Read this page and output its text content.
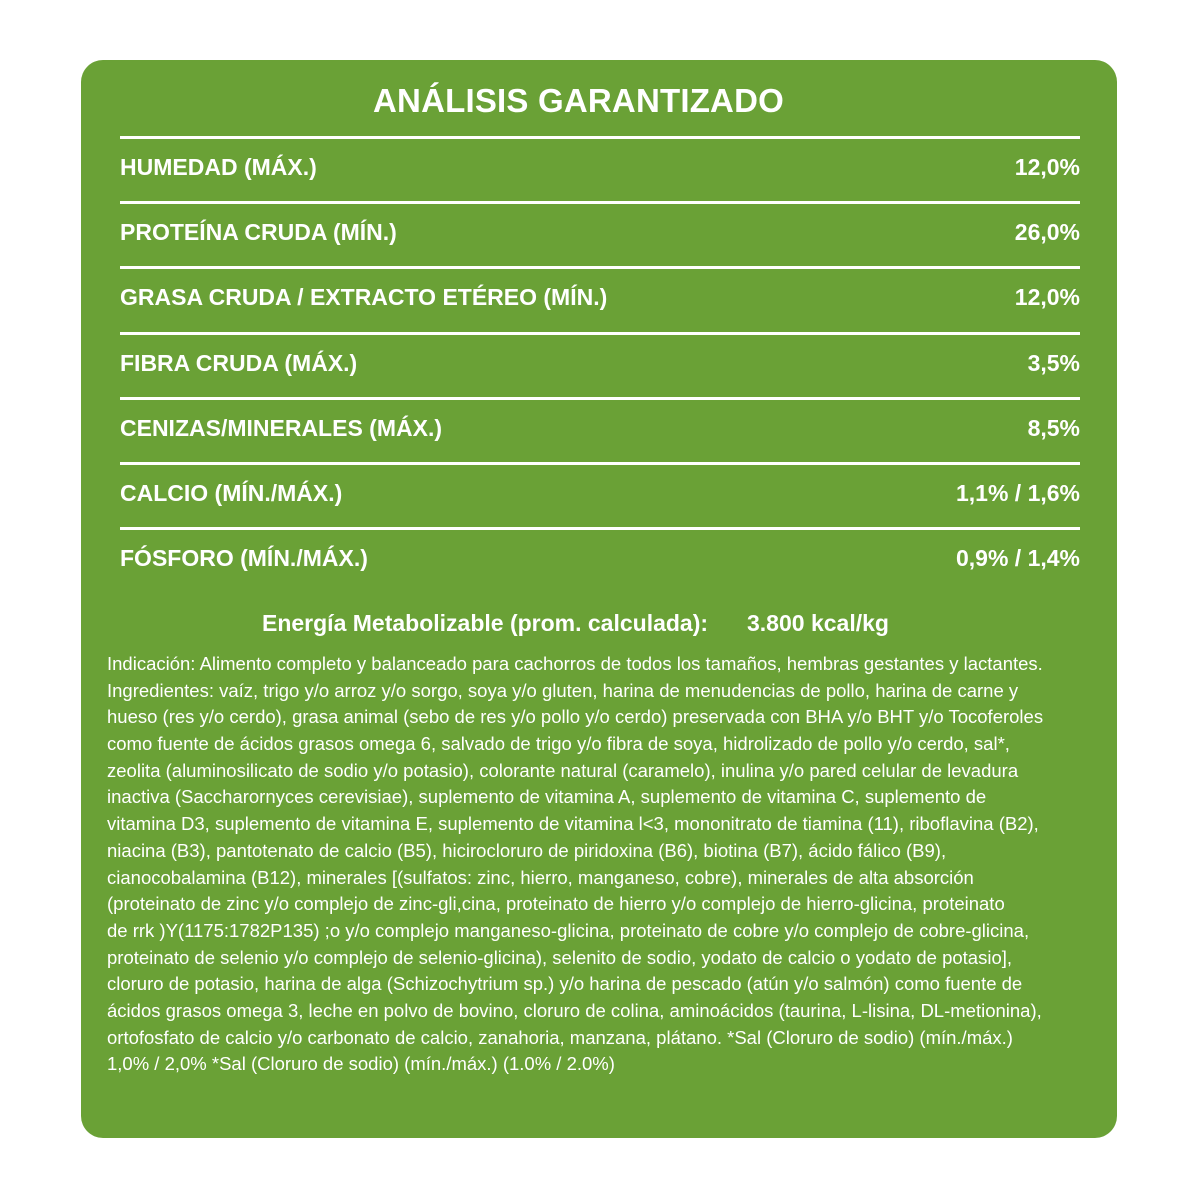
ANÁLISIS GARANTIZADO
HUMEDAD (MÁX.)	12,0%
PROTEÍNA CRUDA (MÍN.)	26,0%
GRASA CRUDA / EXTRACTO ETÉREO (MÍN.)	12,0%
FIBRA CRUDA (MÁX.)	3,5%
CENIZAS/MINERALES (MÁX.)	8,5%
CALCIO (MÍN./MÁX.)	1,1% / 1,6%
FÓSFORO (MÍN./MÁX.)	0,9% / 1,4%
Energía Metabolizable (prom. calculada): 3.800 kcal/kg
Indicación: Alimento completo y balanceado para cachorros de todos los tamaños, hembras gestantes y lactantes.
Ingredientes: vaíz, trigo y/o arroz y/o sorgo, soya y/o gluten, harina de menudencias de pollo, harina de carne y
hueso (res y/o cerdo), grasa animal (sebo de res y/o pollo y/o cerdo) preservada con BHA y/o BHT y/o Tocoferoles
como fuente de ácidos grasos omega 6, salvado de trigo y/o fibra de soya, hidrolizado de pollo y/o cerdo, sal*,
zeolita (aluminosilicato de sodio y/o potasio), colorante natural (caramelo), inulina y/o pared celular de levadura
inactiva (Saccharornyces cerevisiae), suplemento de vitamina A, suplemento de vitamina C, suplemento de
vitamina D3, suplemento de vitamina E, suplemento de vitamina l<3, mononitrato de tiamina (11), riboflavina (B2),
niacina (B3), pantotenato de calcio (B5), hiciroclоruro de piridoxina (B6), biotina (B7), ácido fálico (B9),
cianocobalamina (B12), minerales [(sulfatos: zinc, hierro, manganeso, cobre), minerales de alta absorción
(proteinato de zinc y/o complejo de zinc-gli,cina, proteinato de hierro y/o complejo de hierro-glicina, proteinato
de rrk )Y(1175:1782P135) ;o y/o complejo manganeso-glicina, proteinato de cobre y/o complejo de cobre-glicina,
proteinato de selenio y/o complejo de selenio-glicina), selenito de sodio, yodato de calcio o yodato de potasio],
cloruro de potasio, harina de alga (Schizochytrium sp.) y/o harina de pescado (atún y/o salmón) como fuente de
ácidos grasos omega 3, leche en polvo de bovino, cloruro de colina, aminoácidos (taurina, L-lisina, DL-metionina),
ortofosfato de calcio y/o carbonato de calcio, zanahoria, manzana, plátano. *Sal (Cloruro de sodio) (mín./máx.)
1,0% / 2,0% *Sal (Cloruro de sodio) (mín./máx.) (1.0% / 2.0%)
